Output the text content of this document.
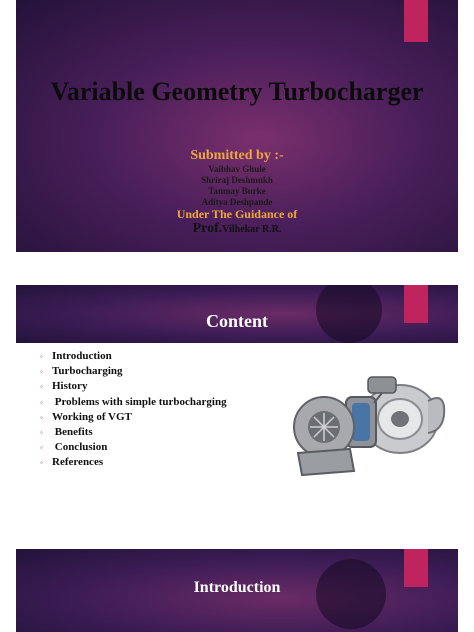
Variable Geometry Turbocharger
Submitted by :-
Vaibhav Ghule
Shriraj Deshmukh
Tanmay Burke
Aditya Deshpande
Under The Guidance of
Prof.Vilhekar R.R.
Content
◦ Introduction
◦ Turbocharging
◦ History
◦ Problems with simple turbocharging
◦ Working of VGT
◦ Benefits
◦ Conclusion
◦ References
Introduction
